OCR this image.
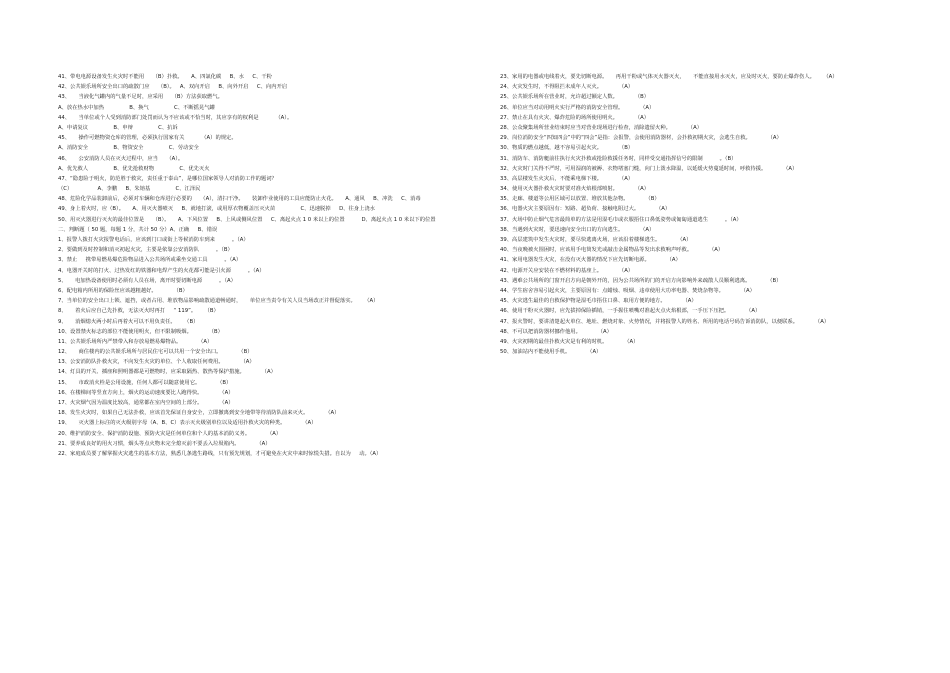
41、带电电源设备发生火灾时不能用     （B）扑救。     A、四氯化碳     B、水     C、干粉
42、公共娱乐场所安全出口的疏散门应     （B）。   A、双向开启     B、向外开启     C、向内开启
43、     当液化气罐内的气量不足时，应采用     （B）方法获取燃气。
A、放在热水中加热               B、换气               C、不断摇晃气罐
44、     当单位或个人受到消防部门处罚而认为不应该或不恰当时，其应享有的权利是          （A）。
A、申请复议               B、申辩               C、抗诉
45、     操作可燃物资仓库的管理，必须执行国家有关          （A）的规定。
A、消防安全               B、物资安全               C、劳动安全
46、     公安消防人员在灭火过程中，应当     （A）。
A、优先救人               B、优先抢救财物               C、优先灭火
47、“隐患险于明火，防范胜于救灾，责任重于泰山”，是哪位国家领导人对消防工作的题词？
（C）               A、李鹏     B、朱镕基               C、江泽民
48、危险化学品装卸前后，必须对车辆和仓库进行必要的     （A），清扫干净。     装卸作业使用的工具应能防止火花。     A、通风     B、冲洗     C、消毒
49、身上着火时，应（B）。     A、用灭火器喷灭     B、就地打滚，或用厚衣物覆盖压灭火苗               C、迅速脱掉     D、往身上浇水
50、用灭火器进行灭火的最佳位置是     （B）。     A、下风位置     B、上风或侧风位置     C、离起火点 1 0 米以上的位置          D、离起火点 1 0 米以下的位置
二、判断题（ 50 题，每题 1 分，共计 50 分）A、正确     B、错误
1、报警人拨打火灾报警电话后，应该到门口或街上等候消防车到来          。（A）
2、要做到及时控制和消灭初起火灾，主要是依靠公安消防队          。（B）
3、禁止     携带易燃易爆危险物品进入公共场所或乘坐交通工具          。（A）
4、电器开关时的打火、过热发红的铁器和电焊产生的火花都可能是引火源          。（A）
5、     电加热设备使用时必须有人员在场，离开时要切断电源          。（A）
6、配电箱内所用的保险丝应该越粗越好。          （B）
7、当单位的安全出口上锁、遮挡，或者占用、堆放物品影响疏散通道畅通时，     单位应当责令有关人员当场改正并督促落实。     （A）
8、     着火后应自己先扑救，无法灭火时再打     “ 119”。     （B）
9、     消烟熄火两小时后再着火可以不用负责任。     （B）
10、设置禁火标志的部位不能使用明火，但不限制吸烟。          （B）
11、公共娱乐场所内严禁带入和存放易燃易爆物品。          （A）
12、     商住楼内的公共娱乐场所与居民住宅可以共用一个安全出口。          （B）
13、公安消防队扑救火灾，不向发生火灾的单位、个人收取任何费用。          （A）
14、灯具的开关、插座和照明器都是可燃物时，应采取隔热、散热等保护措施。          （A）
15、     市政消火栓是公用设施，任何人都可以随意使用它。          （B）
16、在楼梯间等竖直方向上，烟火的运动速度要比人跑得快。          （A）
17、火灾烟气因为温度比较高，通常都在室内空间的上部分。          （A）
18、发生火灾时，如果自己无法扑救，应该首先保证自身安全，立即撤离到安全地带等待消防队前来灭火。          （A）
19、     灭火器上标注的灭火级别字母（A、B、C）表示灭火级别单位以及适用扑救火灾的种类。          （A）
20、维护消防安全、保护消防设施、预防火灾是任何单位和个人的基本消防义务。          （A）
21、要养成良好的用火习惯，烟头等点火物未完全熄灭前不要丢入垃圾箱内。          （A）
22、家庭成员要了解掌握火灾逃生的基本方法，熟悉几条逃生路线，只有预先规划，才可避免在火灾中来时惊慌失措。自以为     动。（A）
23、家用的电器或电线着火，要先切断电源。     再用干粉或气体灭火器灭火，     不能直接用水灭火，应及时灭火，要防止爆炸伤人。     （A）
24、火灾发生时，不得阻拦未成年人灭火。          （A）
25、公共娱乐场所在营业时，允许超过额定人数。          （B）
26、单位应当对动用明火实行严格的消防安全管理。          （A）
27、禁止在具有火灾、爆炸危险的场所使用明火。          （A）
28、公众聚集场所营业结束时应当对营业现场进行检查，消除遗留火种。          （A）
29、岗位消防安全“四知四会”中的“四会”是指：会报警，会使用消防器材，会扑救初期火灾，会逃生自救。          （A）
30、物质的燃点越低，越不容易引起火灾。          （B）
31、消防车、消防艇前往执行火灾扑救或抢险救援任务时，同样受交通指挥信号的限制          。（B）
32、火灾时门关得不严时，可用湿润的被褥、衣物堵塞门缝，向门上泼水降温，以延缓火势蔓延时间，呼救待援。          （A）
33、高层楼发生火灾后，不能乘电梯下楼。          （A）
34、使用灭火器扑救火灾时要对准火焰根部喷射。          （A）
35、走廊、楼道等公用区域可以放置、堆放其他杂物。          （B）
36、电器火灾主要原因有：短路、超负荷、接触电阻过大。          （A）
37、火场中防止烟气危害最简单的方法是用湿毛巾或衣服捂住口鼻低姿势或匍匐通道逃生          。（A）
38、当遇到火灾时，要迅速向安全出口的方向逃生。          （A）
39、高层建筑中发生火灾时，要尽快逃离火场，应该沿着楼梯逃生。          （A）
40、当夜晚被火围困时，应该用手电筒发光或敲击金属物品等发出求救响声呼救。          （A）
41、家用电器发生火灾，在没有灭火器的情况下应先切断电源。          （A）
42、电源开关应安装在不燃材料的基座上。          （A）
43、遇难公共场所的门窗开启方向是朝外开的，因为公共场所的门的开启方向影响外来疏散人员顺利逃离。          （B）
44、学生宿舍容易引起火灾，主要原因有：点蜡烛、吸烟、违章使用大功率电器、焚烧杂物等。          （A）
45、火灾逃生最佳的自救保护物是湿毛巾捂住口鼻、取用方便的地方。          （A）
46、使用干粉灭火器时，应先拔掉保险插销，一手握住喷嘴对准起火点火焰根部，一手压下压把。          （A）
47、报火警时，要讲清楚起火单位、地址、燃烧对象、火势情况，并将报警人的姓名、所用的电话号码告诉消防队，以便联系。          （A）
48、不可以把消防器材挪作他用。          （A）
49、火灾初期的最佳扑救火灾是有利的时机。          （A）
50、加油站内不能使用手机。          （A）
